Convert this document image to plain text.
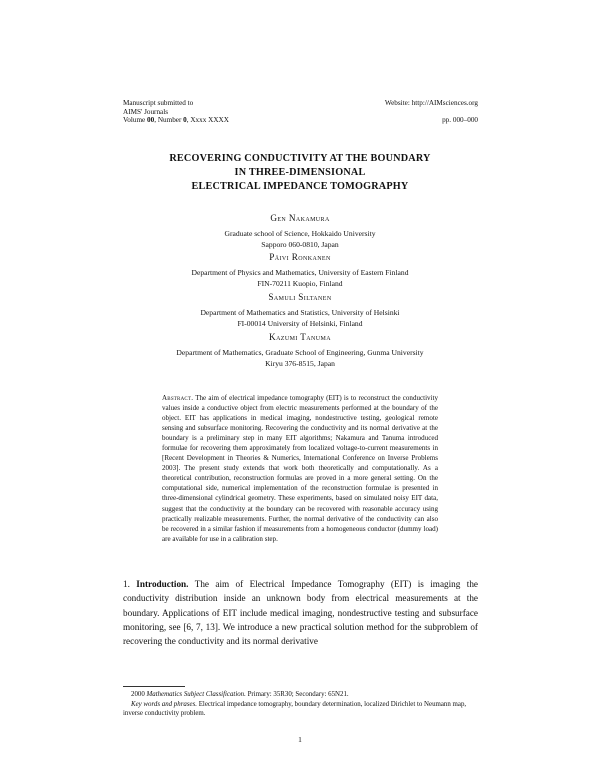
Manuscript submitted to
AIMS' Journals
Volume 00, Number 0, Xxxx XXXX
Website: http://AIMsciences.org
pp. 000–000
RECOVERING CONDUCTIVITY AT THE BOUNDARY
IN THREE-DIMENSIONAL
ELECTRICAL IMPEDANCE TOMOGRAPHY
Gen Nakamura
Graduate school of Science, Hokkaido University
Sapporo 060-0810, Japan
Päivi Ronkanen
Department of Physics and Mathematics, University of Eastern Finland
FIN-70211 Kuopio, Finland
Samuli Siltanen
Department of Mathematics and Statistics, University of Helsinki
FI-00014 University of Helsinki, Finland
Kazumi Tanuma
Department of Mathematics, Graduate School of Engineering, Gunma University
Kiryu 376-8515, Japan
Abstract. The aim of electrical impedance tomography (EIT) is to reconstruct the conductivity values inside a conductive object from electric measurements performed at the boundary of the object. EIT has applications in medical imaging, nondestructive testing, geological remote sensing and subsurface monitoring. Recovering the conductivity and its normal derivative at the boundary is a preliminary step in many EIT algorithms; Nakamura and Tanuma introduced formulae for recovering them approximately from localized voltage-to-current measurements in [Recent Development in Theories & Numerics, International Conference on Inverse Problems 2003]. The present study extends that work both theoretically and computationally. As a theoretical contribution, reconstruction formulas are proved in a more general setting. On the computational side, numerical implementation of the reconstruction formulae is presented in three-dimensional cylindrical geometry. These experiments, based on simulated noisy EIT data, suggest that the conductivity at the boundary can be recovered with reasonable accuracy using practically realizable measurements. Further, the normal derivative of the conductivity can also be recovered in a similar fashion if measurements from a homogeneous conductor (dummy load) are available for use in a calibration step.
1. Introduction. The aim of Electrical Impedance Tomography (EIT) is imaging the conductivity distribution inside an unknown body from electrical measurements at the boundary. Applications of EIT include medical imaging, nondestructive testing and subsurface monitoring, see [6, 7, 13]. We introduce a new practical solution method for the subproblem of recovering the conductivity and its normal derivative
2000 Mathematics Subject Classification. Primary: 35R30; Secondary: 65N21.
Key words and phrases. Electrical impedance tomography, boundary determination, localized Dirichlet to Neumann map, inverse conductivity problem.
1
